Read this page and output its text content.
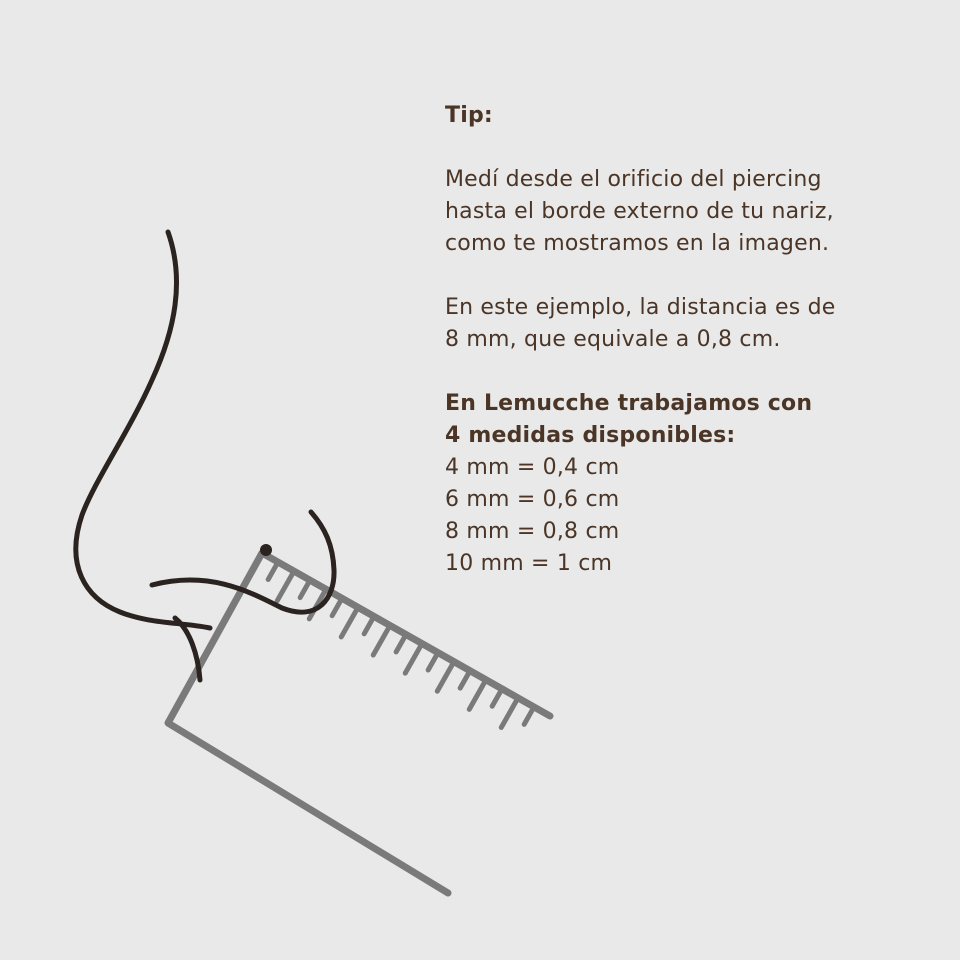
Tip:

Medí desde el orificio del piercing
hasta el borde externo de tu nariz,
como te mostramos en la imagen.

En este ejemplo, la distancia es de
8 mm, que equivale a 0,8 cm.

En Lemucche trabajamos con
4 medidas disponibles:
4 mm = 0,4 cm
6 mm = 0,6 cm
8 mm = 0,8 cm
10 mm = 1 cm
